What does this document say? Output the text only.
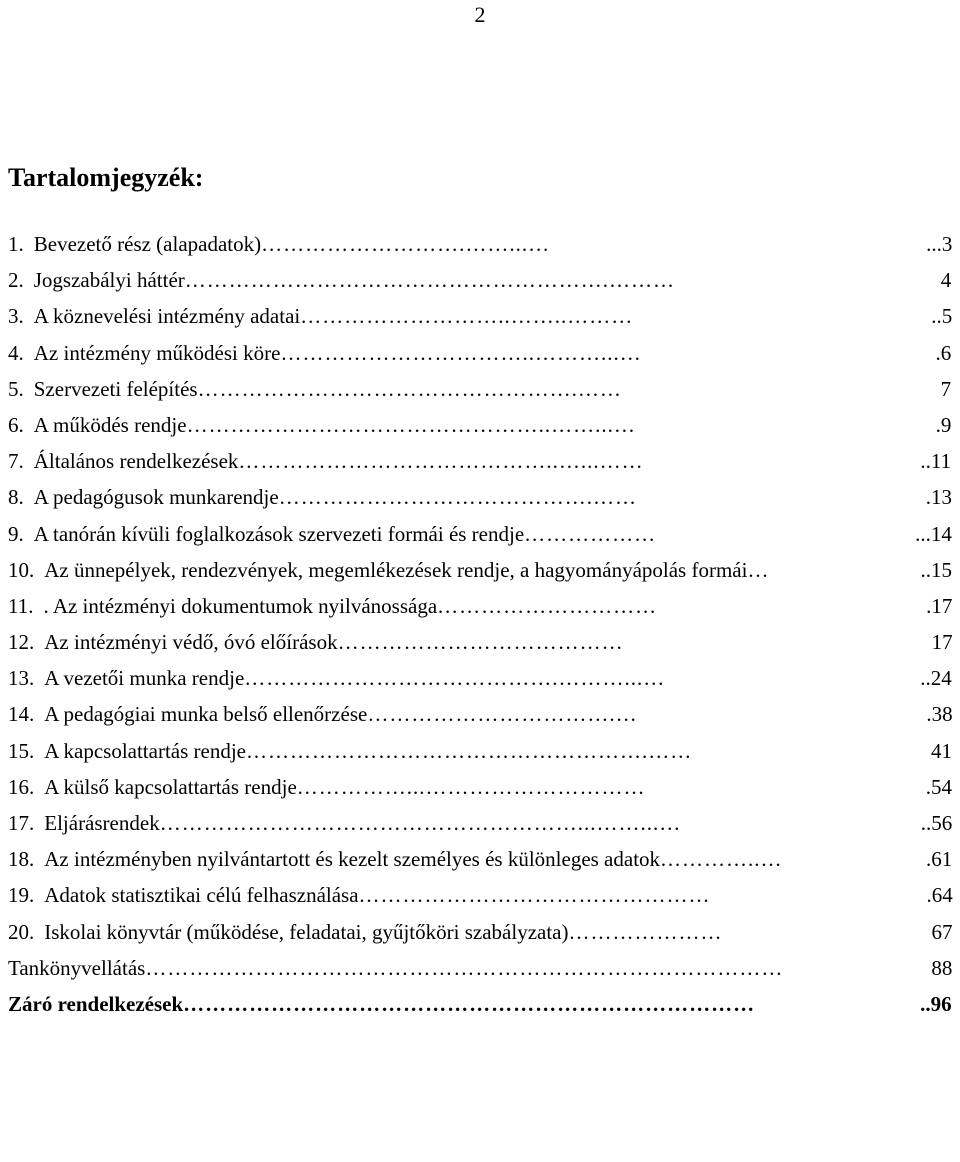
2
Tartalomjegyzék:
1. Bevezető rész (alapadatok)……………………….……...…	...3
2. Jogszabályi háttér………………………………………………….………	4
3. A köznevelési intézmény adatai………………………..……..………	..5
4. Az intézmény működési köre……………………………..………...…	.6
5. Szervezeti felépítés…………………………………………….……	7
6. A működés rendje…………………………………………..……...…	.9
7. Általános rendelkezések……………………………………..…...……	..11
8. A pedagógusok munkarendje…………………………………….……	.13
9. A tanórán kívüli foglalkozások szervezeti formái és rendje………………	...14
10. Az ünnepélyek, rendezvények, megemlékezések rendje, a hagyományápolás formái…	..15
11. . Az intézményi dokumentumok nyilvánossága…………………………	.17
12. Az intézményi védő, óvó előírások…………………………………	17
13. A vezetői munka rendje…………………………………….………...…	..24
14. A pedagógiai munka belső ellenőrzése…………………………….…	.38
15. A kapcsolattartás rendje……………………………………………….……	41
16. A külső kapcsolattartás rendje……………...…………………………	.54
17. Eljárásrendek…………………………………………………...……...…	..56
18. Az intézményben nyilvántartott és kezelt személyes és különleges adatok…………..…	.61
19. Adatok statisztikai célú felhasználása…………………………………………	.64
20. Iskolai könyvtár (működése, feladatai, gyűjtőköri szabályzata)…………………	67
Tankönyvellátás……………………………………………………………………………	88
Záró rendelkezések……………………………………………………………………	..96
